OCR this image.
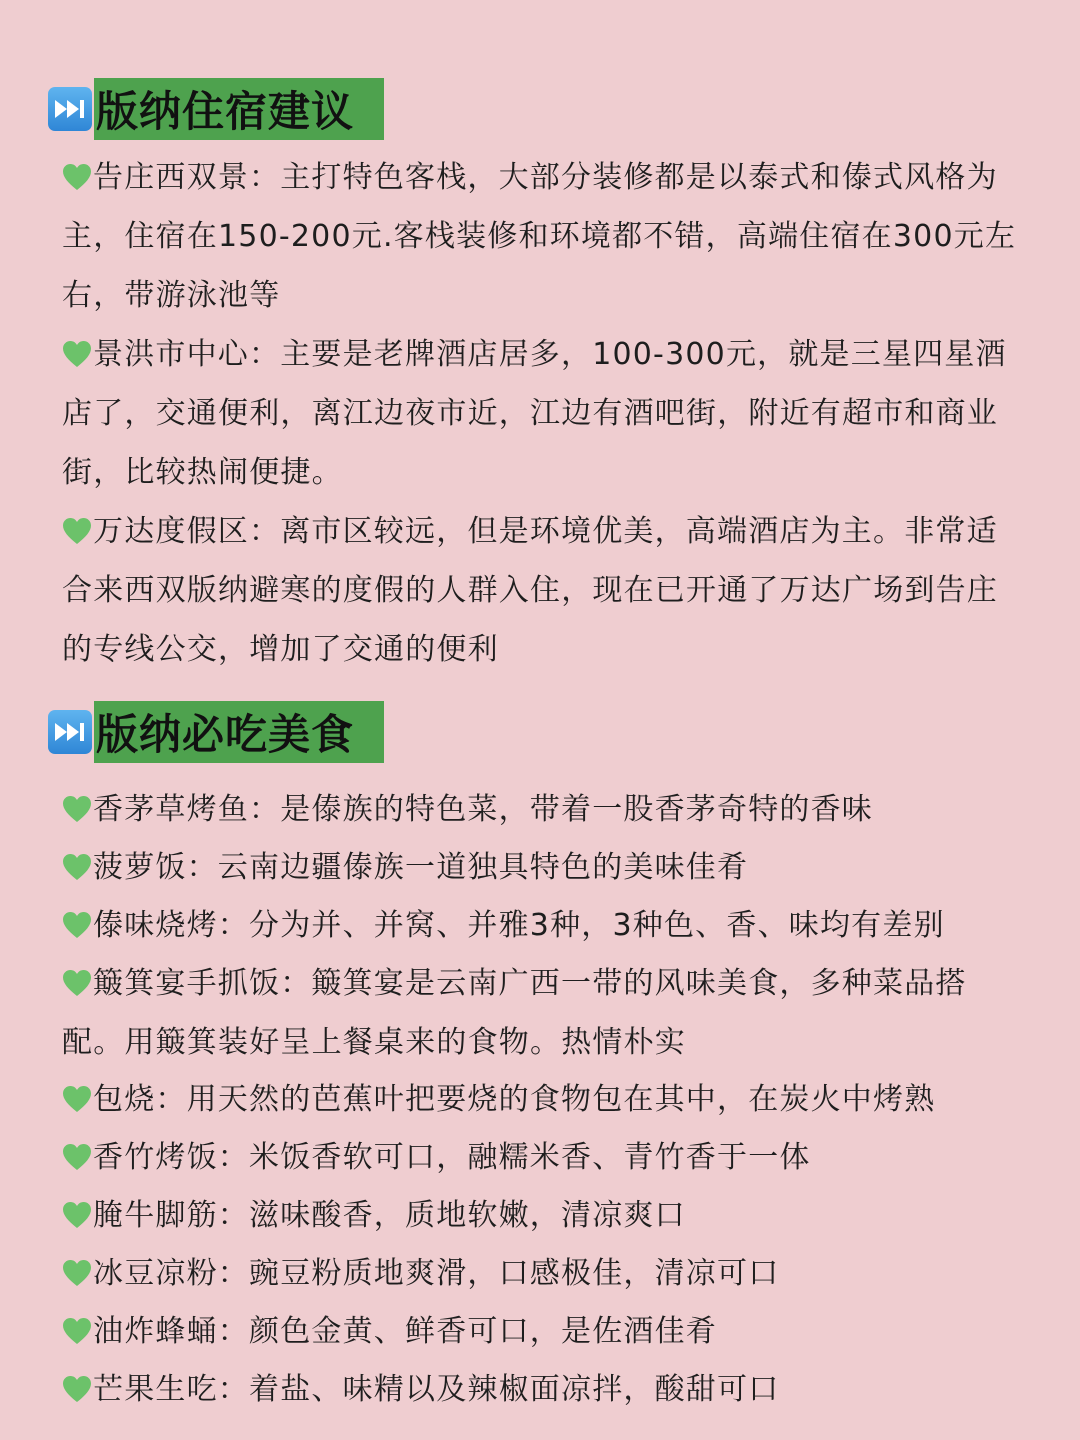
版纳住宿建议

告庄西双景：主打特色客栈，大部分装修都是以泰式和傣式风格为主，住宿在150-200元.客栈装修和环境都不错，高端住宿在300元左右，带游泳池等

景洪市中心：主要是老牌酒店居多，100-300元，就是三星四星酒店了，交通便利，离江边夜市近，江边有酒吧街，附近有超市和商业街，比较热闹便捷。

万达度假区：离市区较远，但是环境优美，高端酒店为主。非常适合来西双版纳避寒的度假的人群入住，现在已开通了万达广场到告庄的专线公交，增加了交通的便利

版纳必吃美食

香茅草烤鱼：是傣族的特色菜，带着一股香茅奇特的香味

菠萝饭：云南边疆傣族一道独具特色的美味佳肴

傣味烧烤：分为并、并窝、并雅3种，3种色、香、味均有差别

簸箕宴手抓饭：簸箕宴是云南广西一带的风味美食，多种菜品搭配。用簸箕装好呈上餐桌来的食物。热情朴实

包烧：用天然的芭蕉叶把要烧的食物包在其中，在炭火中烤熟

香竹烤饭：米饭香软可口，融糯米香、青竹香于一体

腌牛脚筋：滋味酸香，质地软嫩，清凉爽口

冰豆凉粉：豌豆粉质地爽滑，口感极佳，清凉可口

油炸蜂蛹：颜色金黄、鲜香可口，是佐酒佳肴

芒果生吃：着盐、味精以及辣椒面凉拌，酸甜可口
